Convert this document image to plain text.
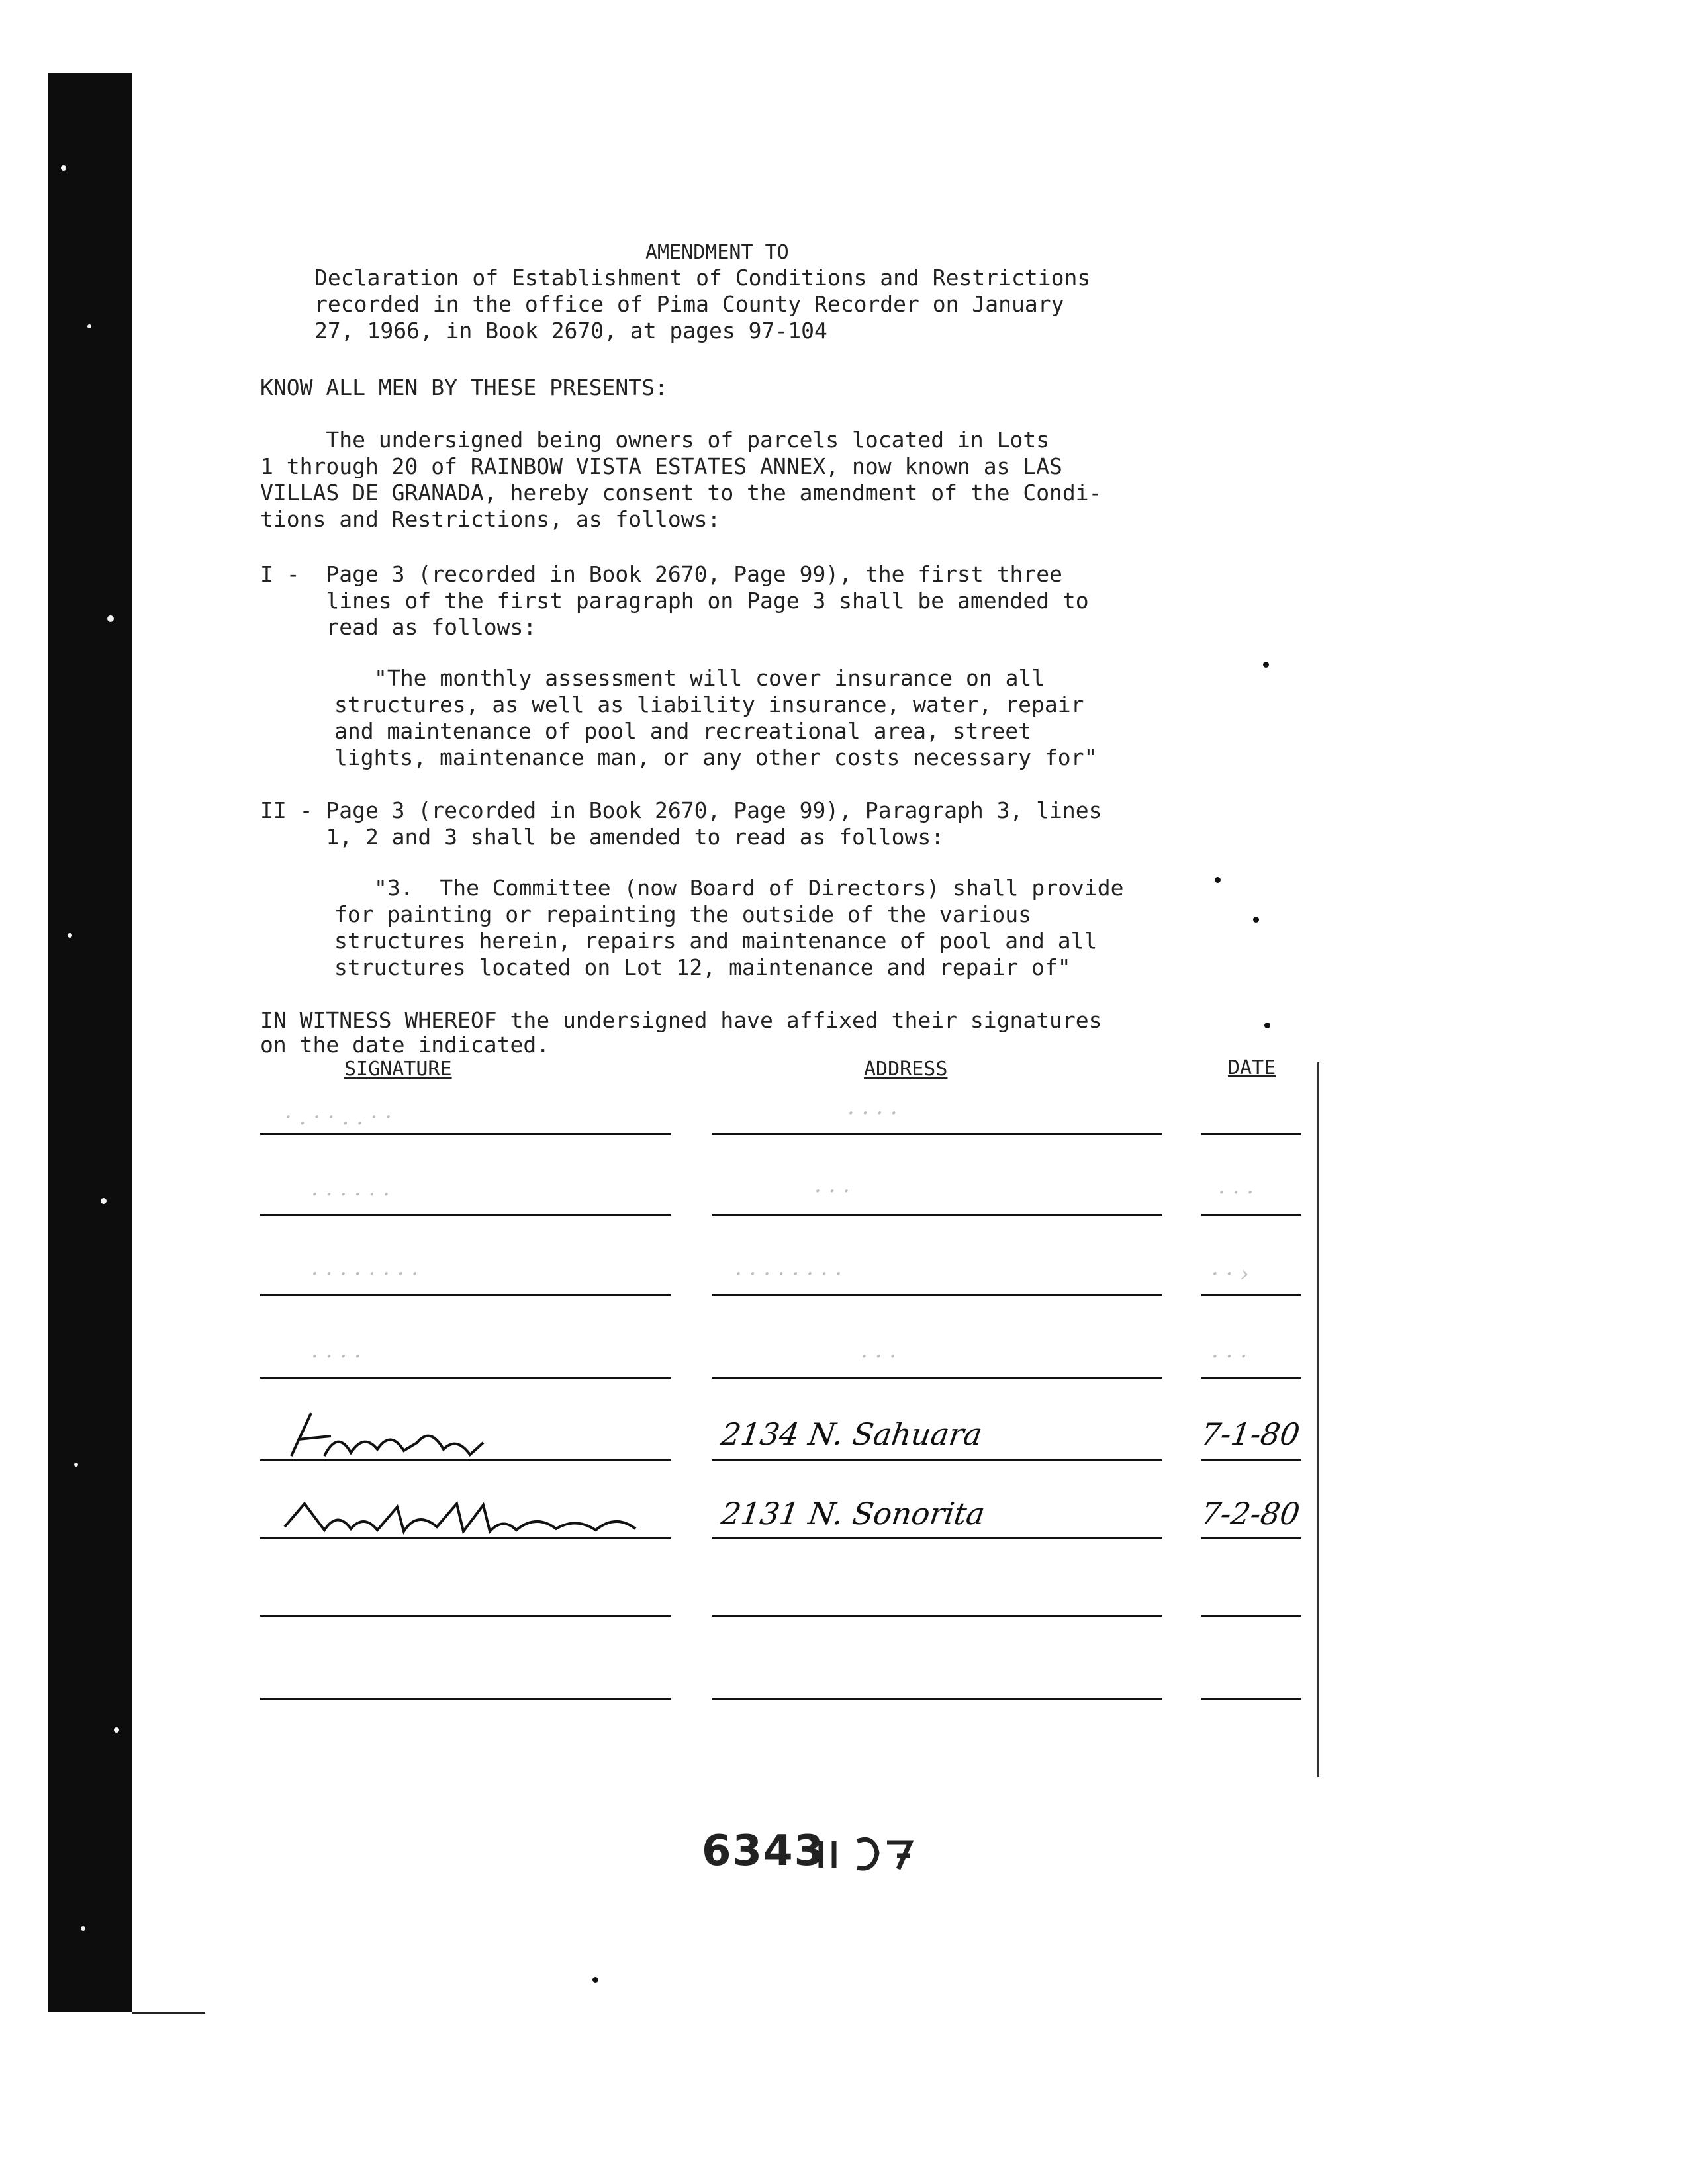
AMENDMENT TO
Declaration of Establishment of Conditions and Restrictions
recorded in the office of Pima County Recorder on January
27, 1966, in Book 2670, at pages 97-104
KNOW ALL MEN BY THESE PRESENTS:
The undersigned being owners of parcels located in Lots
1 through 20 of RAINBOW VISTA ESTATES ANNEX, now known as LAS
VILLAS DE GRANADA, hereby consent to the amendment of the Condi-
tions and Restrictions, as follows:
I -  Page 3 (recorded in Book 2670, Page 99), the first three
lines of the first paragraph on Page 3 shall be amended to
read as follows:
"The monthly assessment will cover insurance on all
structures, as well as liability insurance, water, repair
and maintenance of pool and recreational area, street
lights, maintenance man, or any other costs necessary for"
II - Page 3 (recorded in Book 2670, Page 99), Paragraph 3, lines
1, 2 and 3 shall be amended to read as follows:
"3.  The Committee (now Board of Directors) shall provide
for painting or repainting the outside of the various
structures herein, repairs and maintenance of pool and all
structures located on Lot 12, maintenance and repair of"
IN WITNESS WHEREOF the undersigned have affixed their signatures
on the date indicated.
SIGNATURE	ADDRESS	DATE
· . · · . . · ·	· · · ·
· · · · · ·	· · ·	· · ·
· · · · · · · ·	· · · · · · · ·	· · ›
· · · ·	· · ·	· · ·
2134 N. Sahuara	7-1-80
2131 N. Sonorita	7-2-80
6343
